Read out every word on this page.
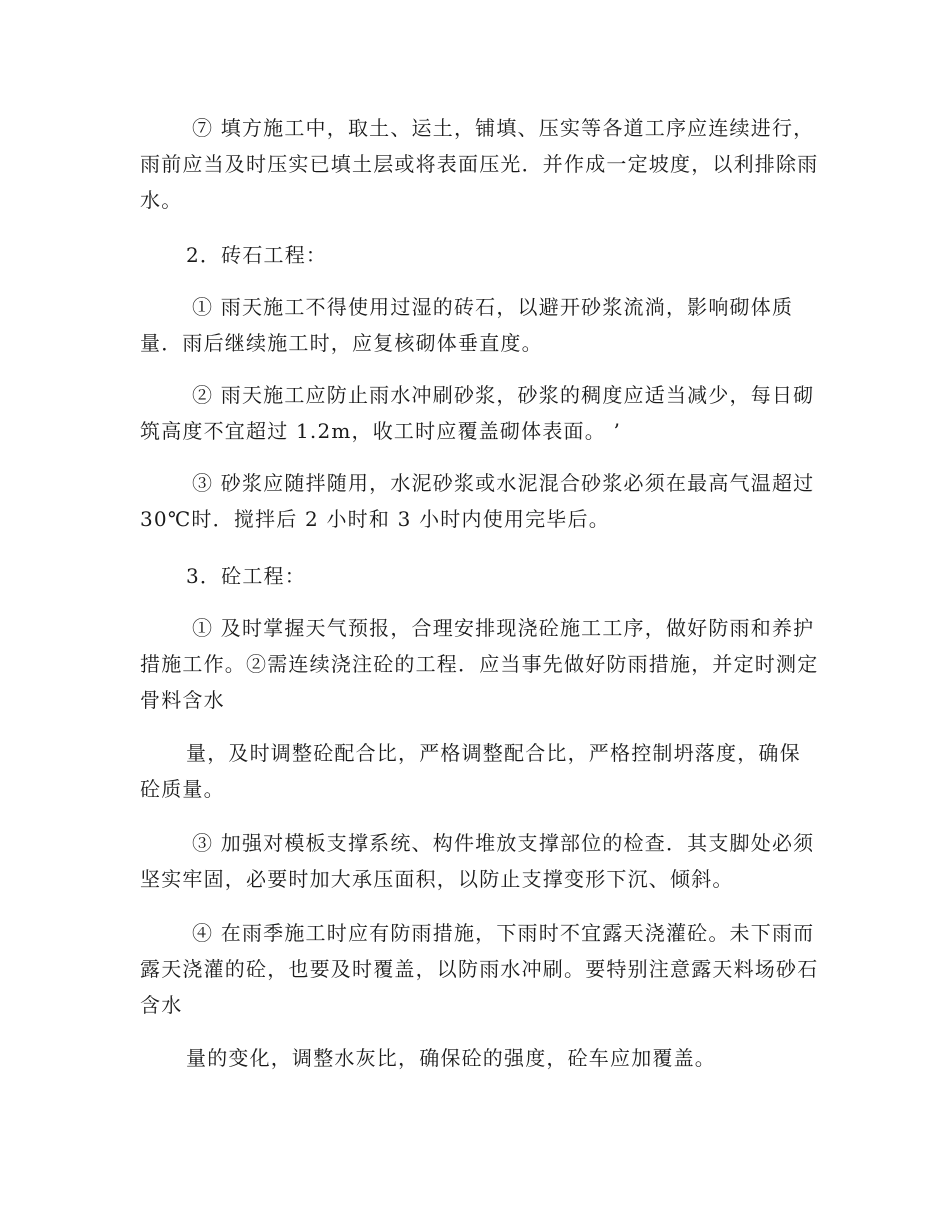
⑦ 填方施工中，取土、运土，铺填、压实等各道工序应连续进行，雨前应当及时压实已填土层或将表面压光．并作成一定坡度，以利排除雨水。

2．砖石工程：

① 雨天施工不得使用过湿的砖石，以避开砂浆流淌，影响砌体质量．雨后继续施工时，应复核砌体垂直度。

② 雨天施工应防止雨水冲刷砂浆，砂浆的稠度应适当减少，每日砌筑高度不宜超过 1.2m，收工时应覆盖砌体表面。 ’

③ 砂浆应随拌随用，水泥砂浆或水泥混合砂浆必须在最高气温超过 30℃时．搅拌后 2 小时和 3 小时内使用完毕后。

3．砼工程：

① 及时掌握天气预报，合理安排现浇砼施工工序，做好防雨和养护措施工作。②需连续浇注砼的工程．应当事先做好防雨措施，并定时测定骨料含水

量，及时调整砼配合比，严格调整配合比，严格控制坍落度，确保砼质量。

③ 加强对模板支撑系统、构件堆放支撑部位的检查．其支脚处必须坚实牢固，必要时加大承压面积，以防止支撑变形下沉、倾斜。

④ 在雨季施工时应有防雨措施，下雨时不宜露天浇灌砼。未下雨而露天浇灌的砼，也要及时覆盖，以防雨水冲刷。要特别注意露天料场砂石含水

量的变化，调整水灰比，确保砼的强度，砼车应加覆盖。
